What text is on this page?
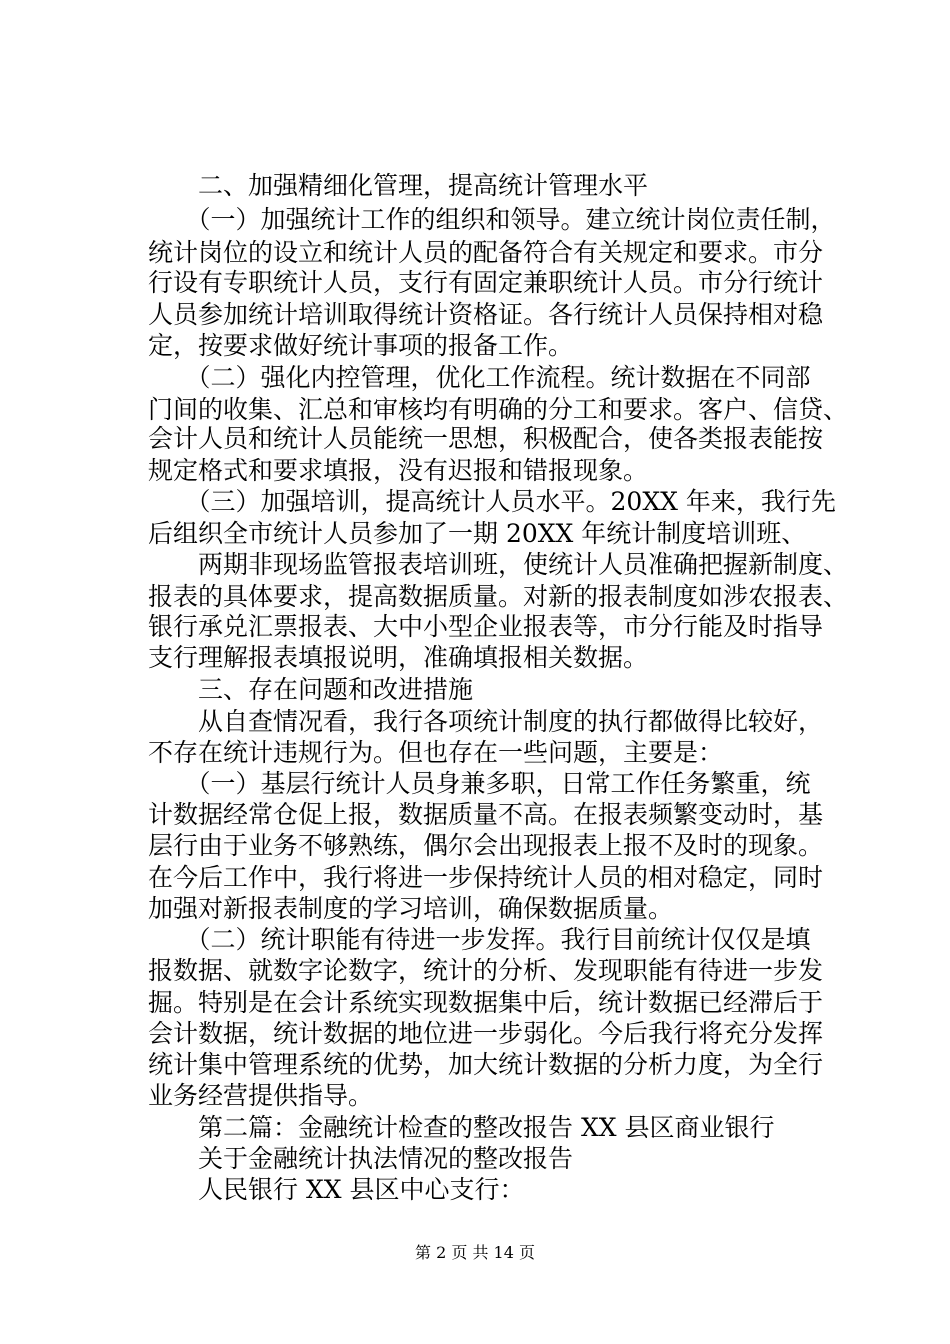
　　二、加强精细化管理，提高统计管理水平
　　（一）加强统计工作的组织和领导。建立统计岗位责任制，
统计岗位的设立和统计人员的配备符合有关规定和要求。市分
行设有专职统计人员，支行有固定兼职统计人员。市分行统计
人员参加统计培训取得统计资格证。各行统计人员保持相对稳
定，按要求做好统计事项的报备工作。
　　（二）强化内控管理，优化工作流程。统计数据在不同部
门间的收集、汇总和审核均有明确的分工和要求。客户、信贷、
会计人员和统计人员能统一思想，积极配合，使各类报表能按
规定格式和要求填报，没有迟报和错报现象。
　　（三）加强培训，提高统计人员水平。20XX 年来，我行先
后组织全市统计人员参加了一期 20XX 年统计制度培训班、
　　两期非现场监管报表培训班，使统计人员准确把握新制度、
报表的具体要求，提高数据质量。对新的报表制度如涉农报表、
银行承兑汇票报表、大中小型企业报表等，市分行能及时指导
支行理解报表填报说明，准确填报相关数据。
　　三、存在问题和改进措施
　　从自查情况看，我行各项统计制度的执行都做得比较好，
不存在统计违规行为。但也存在一些问题，主要是：
　　（一）基层行统计人员身兼多职，日常工作任务繁重，统
计数据经常仓促上报，数据质量不高。在报表频繁变动时，基
层行由于业务不够熟练，偶尔会出现报表上报不及时的现象。
在今后工作中，我行将进一步保持统计人员的相对稳定，同时
加强对新报表制度的学习培训，确保数据质量。
　　（二）统计职能有待进一步发挥。我行目前统计仅仅是填
报数据、就数字论数字，统计的分析、发现职能有待进一步发
掘。特别是在会计系统实现数据集中后，统计数据已经滞后于
会计数据，统计数据的地位进一步弱化。今后我行将充分发挥
统计集中管理系统的优势，加大统计数据的分析力度，为全行
业务经营提供指导。
　　第二篇：金融统计检查的整改报告 XX 县区商业银行
　　关于金融统计执法情况的整改报告
　　人民银行 XX 县区中心支行：
第 2 页 共 14 页
